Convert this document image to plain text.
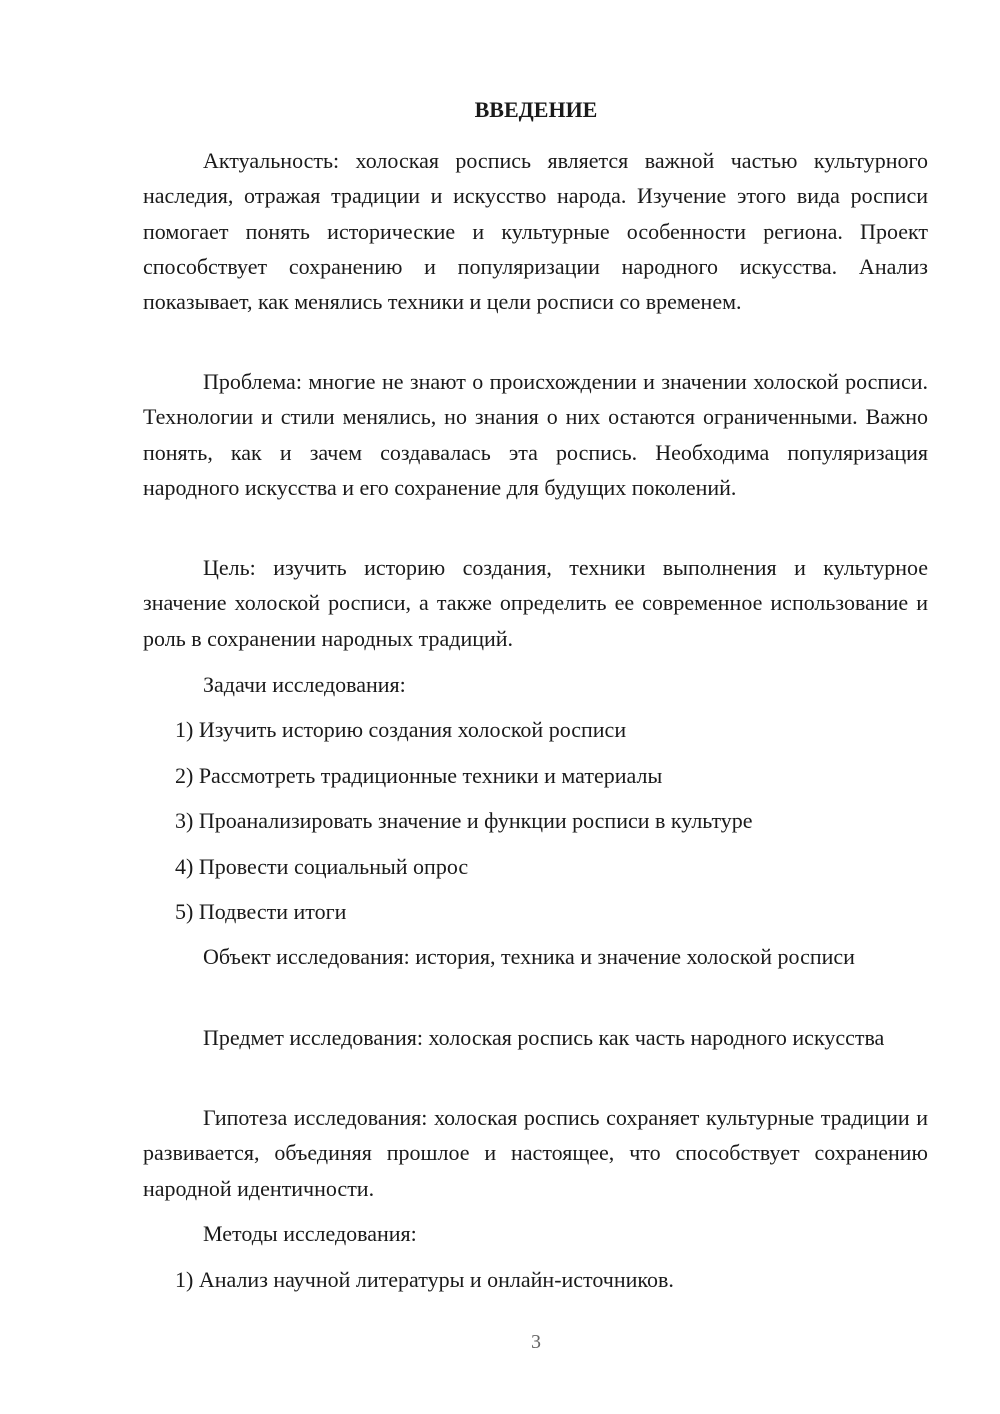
ВВЕДЕНИЕ

Актуальность: холоская роспись является важной частью культурного наследия, отражая традиции и искусство народа. Изучение этого вида росписи помогает понять исторические и культурные особенности региона. Проект способствует сохранению и популяризации народного искусства. Анализ показывает, как менялись техники и цели росписи со временем.

Проблема: многие не знают о происхождении и значении холоской росписи. Технологии и стили менялись, но знания о них остаются ограниченными. Важно понять, как и зачем создавалась эта роспись. Необходима популяризация народного искусства и его сохранение для будущих поколений.

Цель: изучить историю создания, техники выполнения и культурное значение холоской росписи, а также определить ее современное использование и роль в сохранении народных традиций.

Задачи исследования:

1) Изучить историю создания холоской росписи

2) Рассмотреть традиционные техники и материалы

3) Проанализировать значение и функции росписи в культуре

4) Провести социальный опрос

5) Подвести итоги

Объект исследования: история, техника и значение холоской росписи

Предмет исследования: холоская роспись как часть народного искусства

Гипотеза исследования: холоская роспись сохраняет культурные традиции и развивается, объединяя прошлое и настоящее, что способствует сохранению народной идентичности.

Методы исследования:

1) Анализ научной литературы и онлайн-источников.

3
